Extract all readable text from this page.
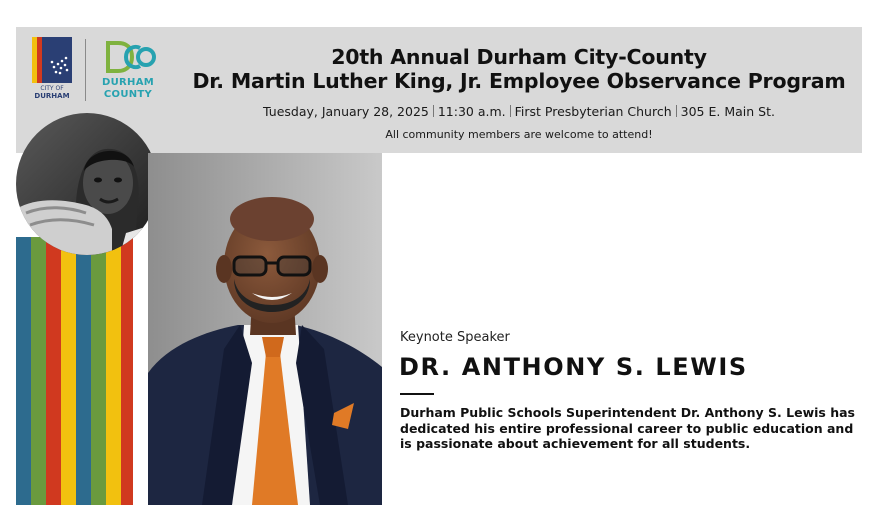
CITY OF
DURHAM
DURHAM
COUNTY
20th Annual Durham City-County
Dr. Martin Luther King, Jr. Employee Observance Program
Tuesday, January 28, 2025 11:30 a.m. First Presbyterian Church 305 E. Main St.
All community members are welcome to attend!
Keynote Speaker
DR. ANTHONY S. LEWIS
Durham Public Schools Superintendent Dr. Anthony S. Lewis has dedicated his entire professional career to public education and is passionate about achievement for all students.
